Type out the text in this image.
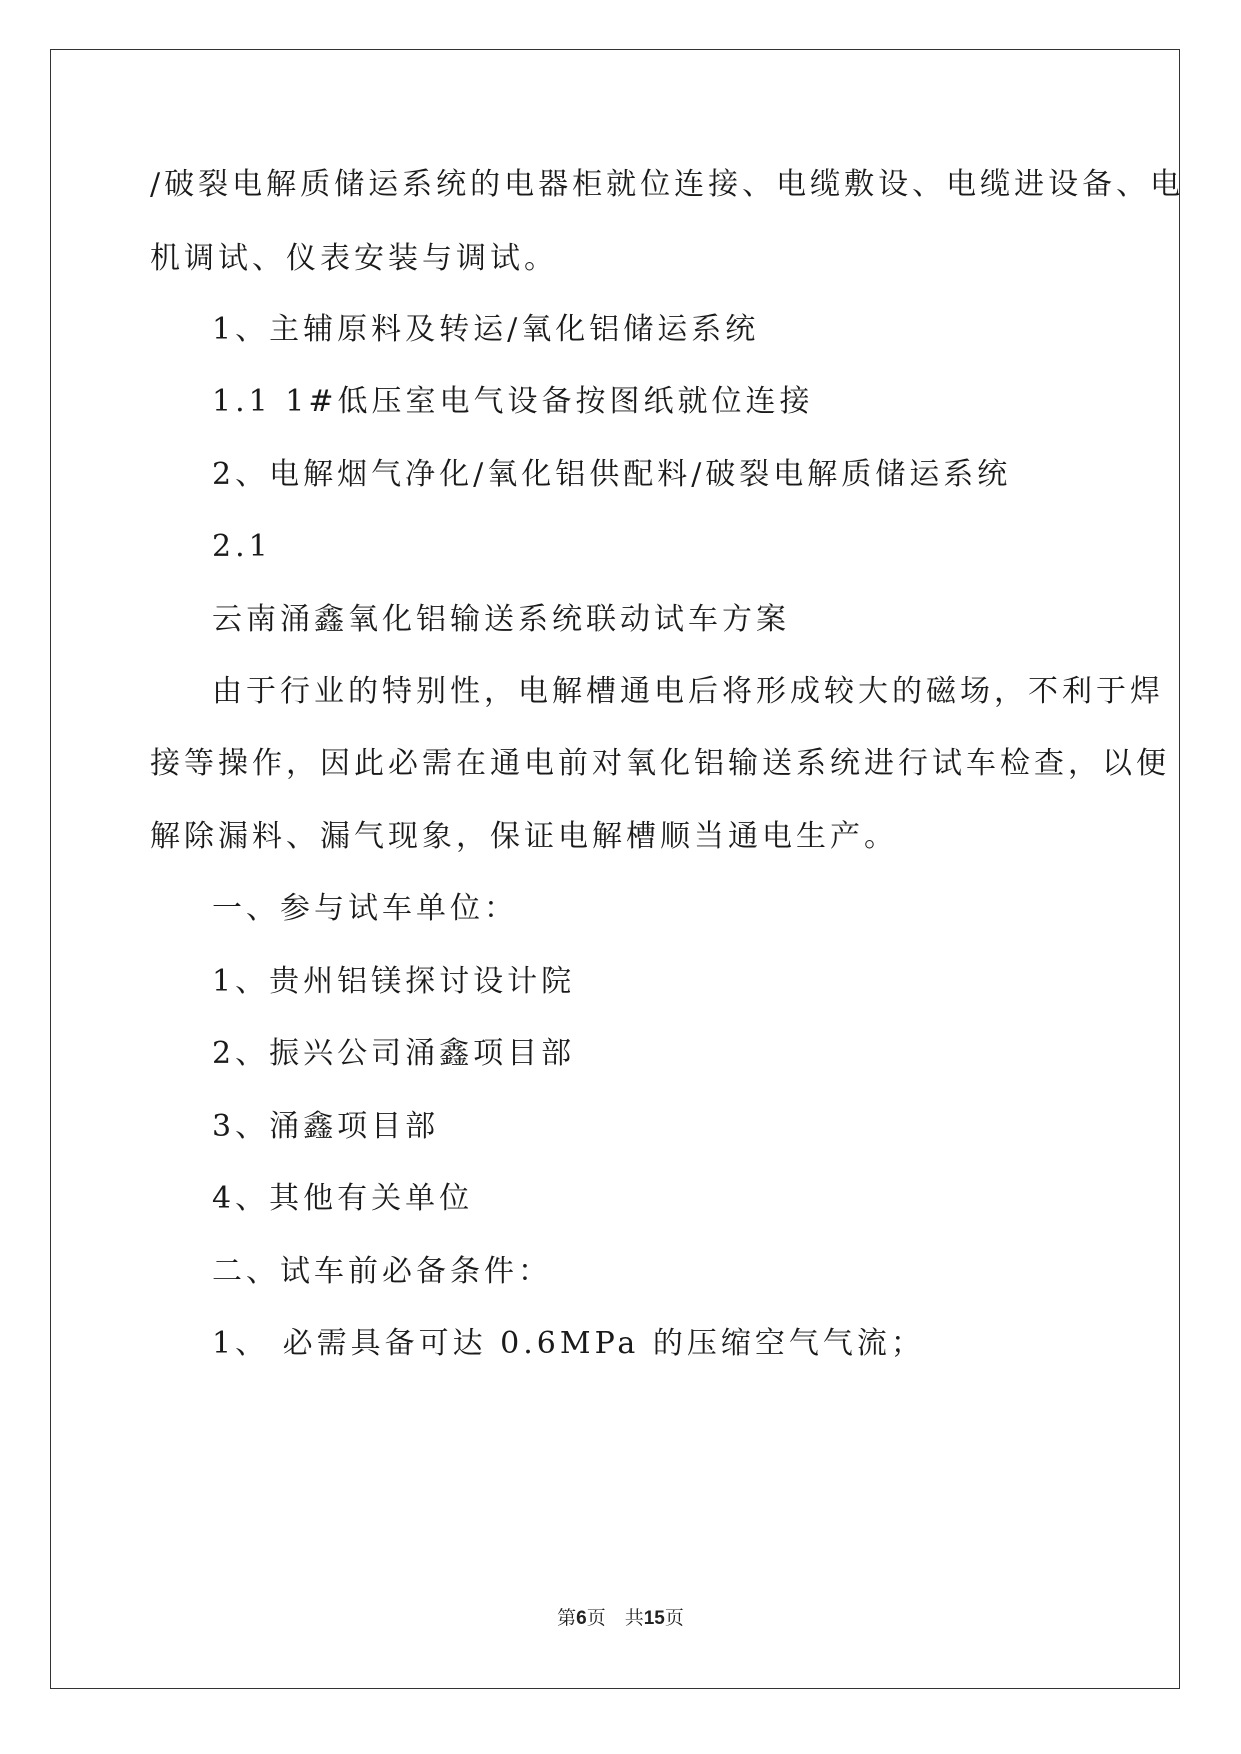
/破裂电解质储运系统的电器柜就位连接、电缆敷设、电缆进设备、电
机调试、仪表安装与调试。
1、主辅原料及转运/氧化铝储运系统
1.1 1#低压室电气设备按图纸就位连接
2、电解烟气净化/氧化铝供配料/破裂电解质储运系统
2.1
云南涌鑫氧化铝输送系统联动试车方案
由于行业的特别性，电解槽通电后将形成较大的磁场，不利于焊
接等操作，因此必需在通电前对氧化铝输送系统进行试车检查，以便
解除漏料、漏气现象，保证电解槽顺当通电生产。
一、参与试车单位：
1、贵州铝镁探讨设计院
2、振兴公司涌鑫项目部
3、涌鑫项目部
4、其他有关单位
二、试车前必备条件：
1、 必需具备可达 0.6MPa 的压缩空气气流；
第6页　共15页
